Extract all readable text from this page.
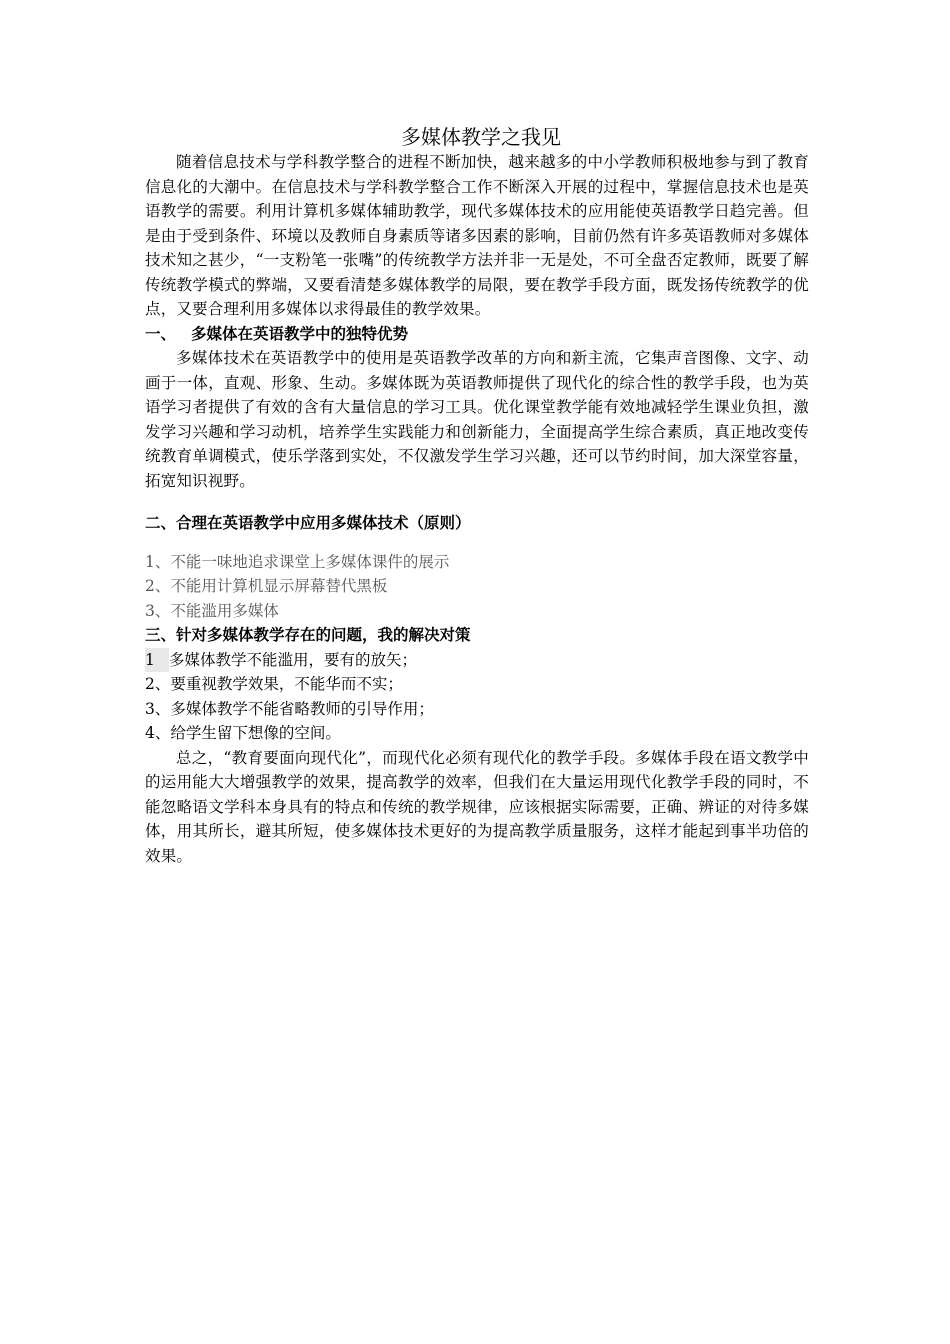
多媒体教学之我见

随着信息技术与学科教学整合的进程不断加快，越来越多的中小学教师积极地参与到了教育信息化的大潮中。在信息技术与学科教学整合工作不断深入开展的过程中，掌握信息技术也是英语教学的需要。利用计算机多媒体辅助教学，现代多媒体技术的应用能使英语教学日趋完善。但是由于受到条件、环境以及教师自身素质等诸多因素的影响，目前仍然有许多英语教师对多媒体技术知之甚少，“一支粉笔一张嘴”的传统教学方法并非一无是处，不可全盘否定教师，既要了解传统教学模式的弊端，又要看清楚多媒体教学的局限，要在教学手段方面，既发扬传统教学的优点，又要合理利用多媒体以求得最佳的教学效果。

一、 多媒体在英语教学中的独特优势

多媒体技术在英语教学中的使用是英语教学改革的方向和新主流，它集声音图像、文字、动画于一体，直观、形象、生动。多媒体既为英语教师提供了现代化的综合性的教学手段，也为英语学习者提供了有效的含有大量信息的学习工具。优化课堂教学能有效地减轻学生课业负担，激发学习兴趣和学习动机，培养学生实践能力和创新能力，全面提高学生综合素质，真正地改变传统教育单调模式，使乐学落到实处，不仅激发学生学习兴趣，还可以节约时间，加大深堂容量，拓宽知识视野。

二、合理在英语教学中应用多媒体技术（原则）

1、不能一味地追求课堂上多媒体课件的展示
2、不能用计算机显示屏幕替代黑板
3、不能滥用多媒体

三、针对多媒体教学存在的问题，我的解决对策

1 多媒体教学不能滥用，要有的放矢；
2、要重视教学效果，不能华而不实；
3、多媒体教学不能省略教师的引导作用；
4、给学生留下想像的空间。

总之，“教育要面向现代化”，而现代化必须有现代化的教学手段。多媒体手段在语文教学中的运用能大大增强教学的效果，提高教学的效率，但我们在大量运用现代化教学手段的同时，不能忽略语文学科本身具有的特点和传统的教学规律，应该根据实际需要，正确、辨证的对待多媒体，用其所长，避其所短，使多媒体技术更好的为提高教学质量服务，这样才能起到事半功倍的效果。
